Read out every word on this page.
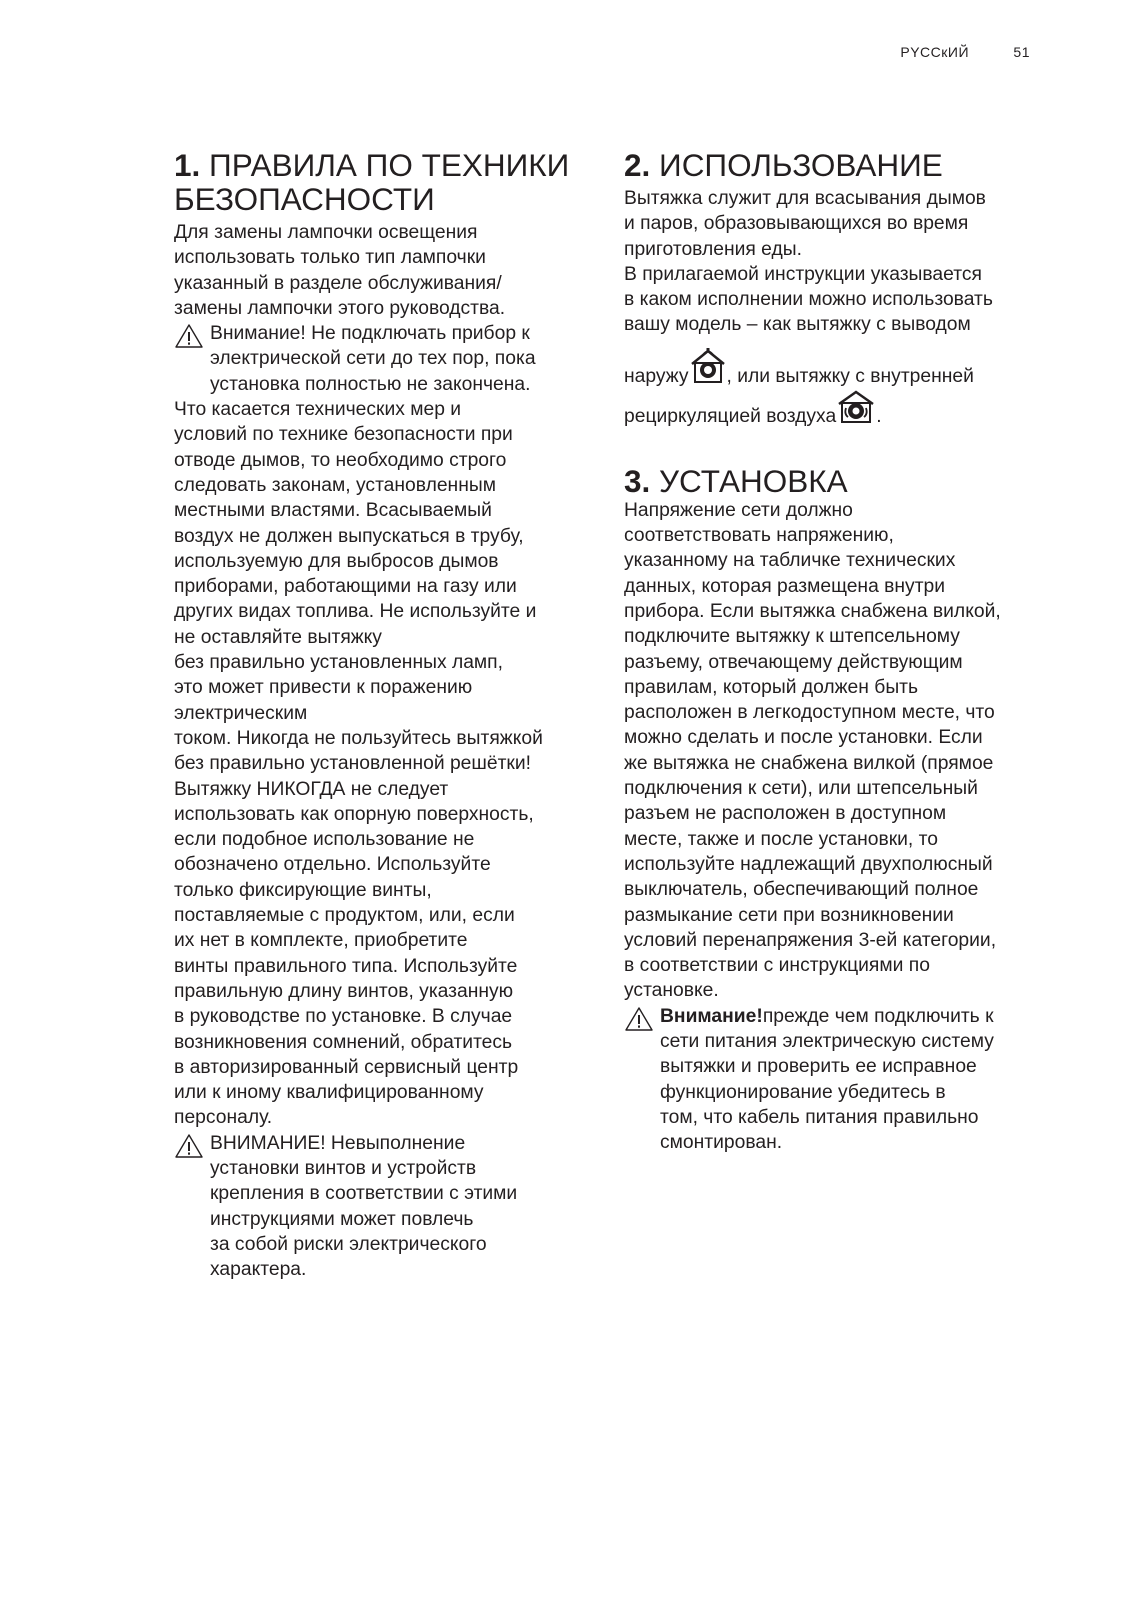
PYCCкИЙ	51
1. ПРАВИЛА ПО ТЕХНИКИ
БЕЗОПАСНОСТИ
Для замены лампочки освещения
использовать только тип лампочки
указанный в разделе обслуживания/
замены лампочки этого руководства.
Внимание! Не подключать прибор к
электрической сети до тех пор, пока
установка полностью не закончена.
Что касается технических мер и
условий по технике безопасности при
отводе дымов, то необходимо строго
следовать законам, установленным
местными властями. Всасываемый
воздух не должен выпускаться в трубу,
используемую для выбросов дымов
приборами, работающими на газу или
других видах топлива. Не используйте и
не оставляйте вытяжку
без правильно установленных ламп,
это может привести к поражению
электрическим
током. Никогда не пользуйтесь вытяжкой
без правильно установленной решётки!
Вытяжку НИКОГДА не следует
использовать как опорную поверхность,
если подобное использование не
обозначено отдельно. Используйте
только фиксирующие винты,
поставляемые с продуктом, или, если
их нет в комплекте, приобретите
винты правильного типа. Используйте
правильную длину винтов, указанную
в руководстве по установке. В случае
возникновения сомнений, обратитесь
в авторизированный сервисный центр
или к иному квалифицированному
персоналу.
ВНИМАНИЕ! Невыполнение
установки винтов и устройств
крепления в соответствии с этими
инструкциями может повлечь
за собой риски электрического
характера.
2. ИСПОЛЬЗОВАНИЕ
Вытяжка служит для всасывания дымов
и паров, образовывающихся во время
приготовления еды.
В прилагаемой инструкции указывается
в каком исполнении можно использовать
вашу модель – как вытяжку с выводом
наружу , или вытяжку с внутренней
рециркуляцией воздуха .
3. УСТАНОВКА
Напряжение сети должно
соответствовать напряжению,
указанному на табличке технических
данных, которая размещена внутри
прибора. Если вытяжка снабжена вилкой,
подключите вытяжку к штепсельному
разъему, отвечающему действующим
правилам, который должен быть
расположен в легкодоступном месте, что
можно сделать и после установки. Если
же вытяжка не снабжена вилкой (прямое
подключения к сети), или штепсельный
разъем не расположен в доступном
месте, также и после установки, то
используйте надлежащий двухполюсный
выключатель, обеспечивающий полное
размыкание сети при возникновении
условий перенапряжения 3-ей категории,
в соответствии с инструкциями по
установке.
Внимание!прежде чем подключить к
сети питания электрическую систему
вытяжки и проверить ее исправное
функционирование убедитесь в
том, что кабель питания правильно
смонтирован.
